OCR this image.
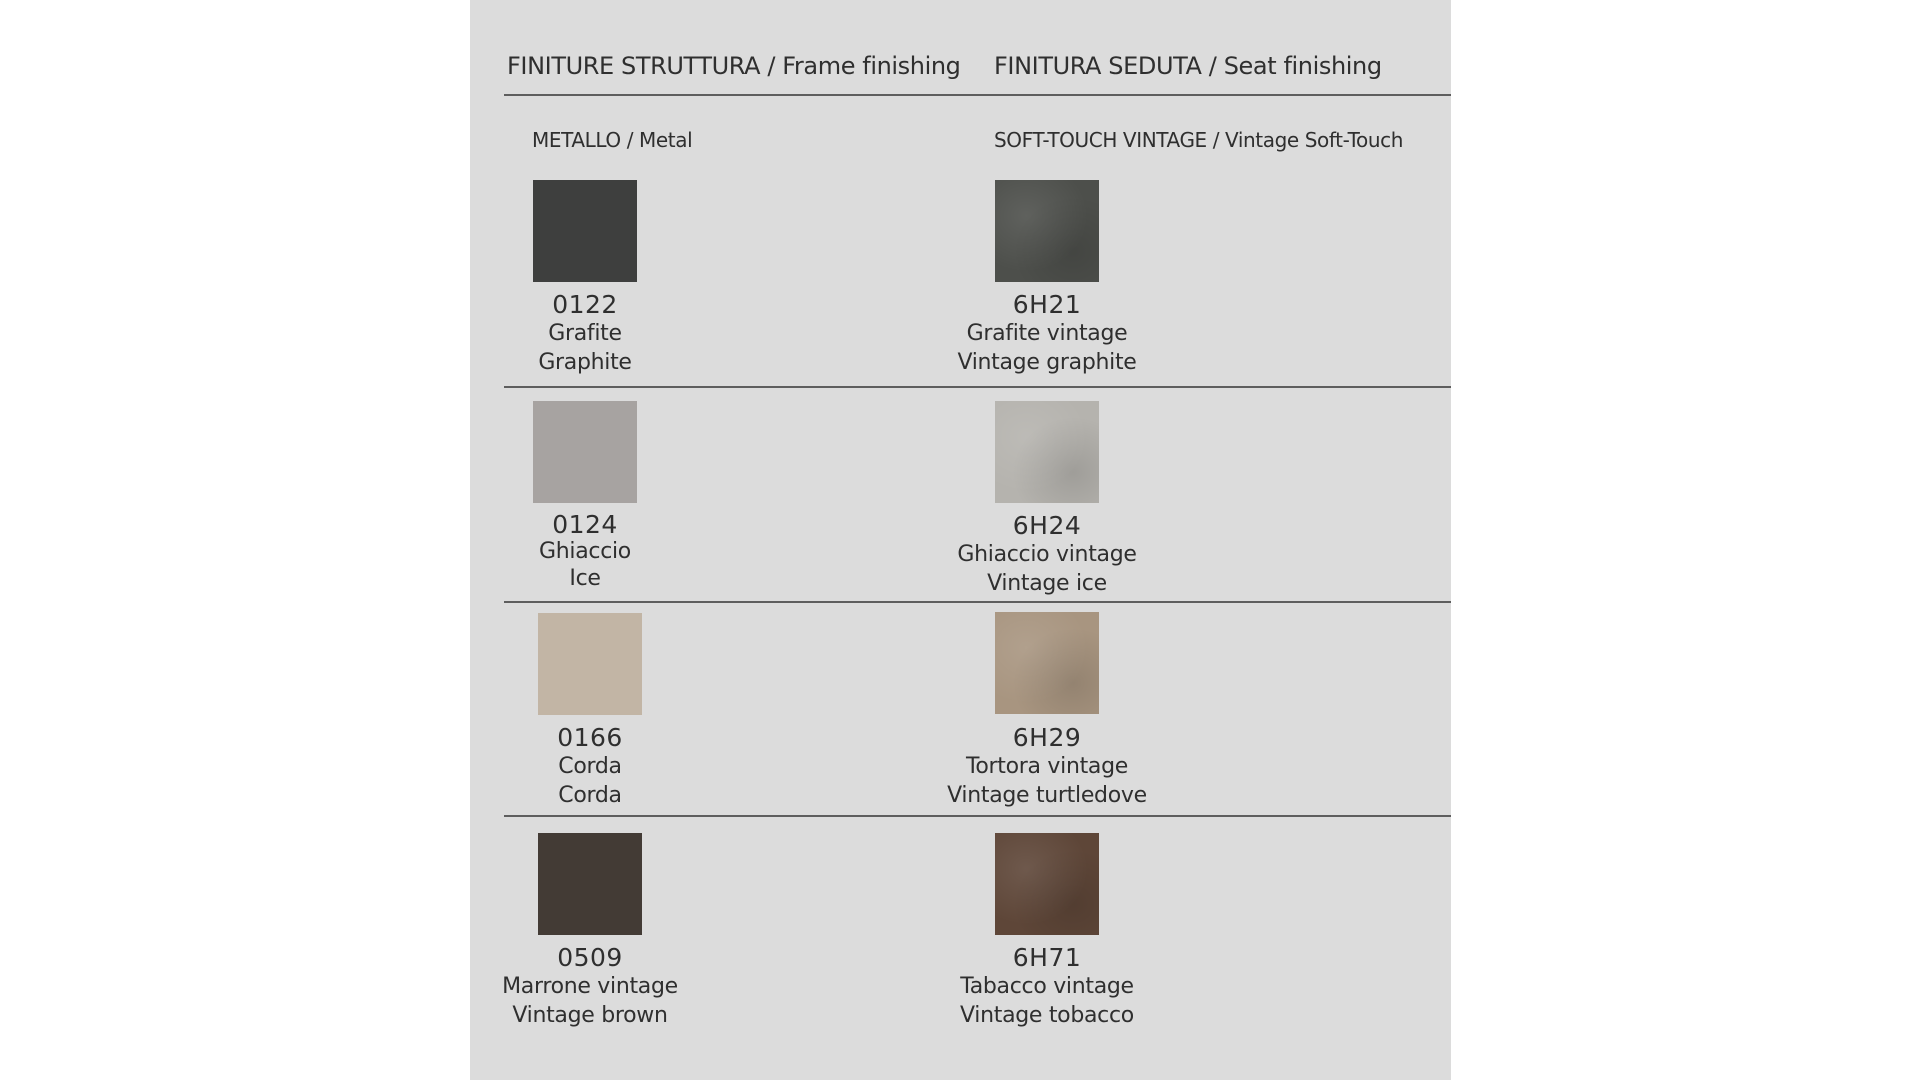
FINITURE STRUTTURA / Frame finishing FINITURA SEDUTA / Seat finishing
METALLO / Metal	SOFT-TOUCH VINTAGE / Vintage Soft-Touch
0122
Grafite
Graphite
6H21
Grafite vintage
Vintage graphite
0124
Ghiaccio
Ice
6H24
Ghiaccio vintage
Vintage ice
0166
Corda
Corda
6H29
Tortora vintage
Vintage turtledove
0509
Marrone vintage
Vintage brown
6H71
Tabacco vintage
Vintage tobacco
